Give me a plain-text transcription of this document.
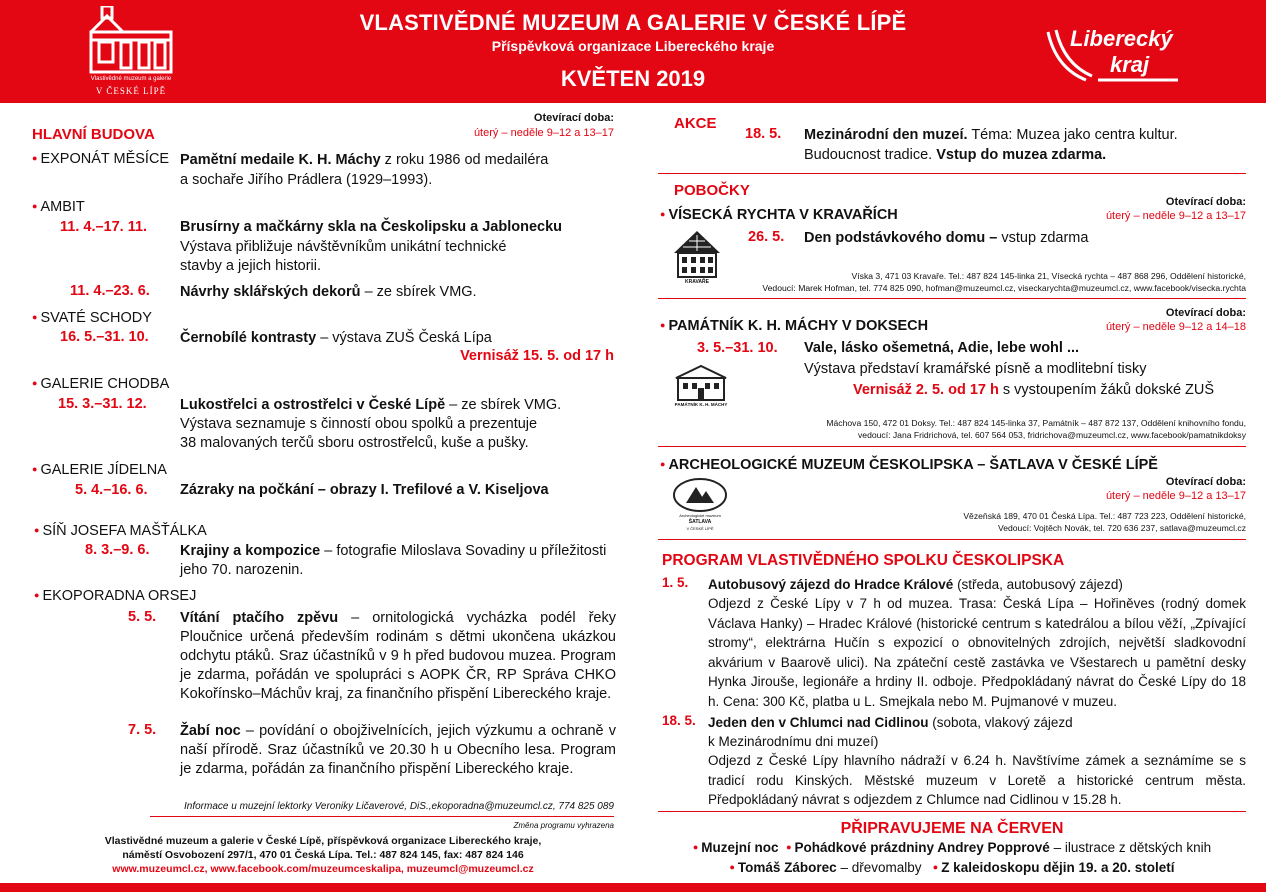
Vlastivědné muzeum a galerie
V ČESKÉ LÍPĚ
VLASTIVĚDNÉ MUZEUM A GALERIE V ČESKÉ LÍPĚ
Příspěvková organizace Libereckého kraje
KVĚTEN 2019
Liberecký
kraj
HLAVNÍ BUDOVA
Otevírací doba:
úterý – neděle 9–12 a 13–17
● EXPONÁT MĚSÍCE Pamětní medaile K. H. Máchy z roku 1986 od medailéra
a sochaře Jiřího Prádlera (1929–1993).
● AMBIT
11. 4.–17. 11. Brusírny a mačkárny skla na Českolipsku a Jablonecku
Výstava přibližuje návštěvníkům unikátní technické
stavby a jejich historii.
11. 4.–23. 6. Návrhy sklářských dekorů – ze sbírek VMG.
● SVATÉ SCHODY
16. 5.–31. 10. Černobílé kontrasty – výstava ZUŠ Česká Lípa
Vernisáž 15. 5. od 17 h
● GALERIE CHODBA
15. 3.–31. 12. Lukostřelci a ostrostřelci v České Lípě – ze sbírek VMG.
Výstava seznamuje s činností obou spolků a prezentuje
38 malovaných terčů sboru ostrostřelců, kuše a pušky.
● GALERIE JÍDELNA
5. 4.–16. 6. Zázraky na počkání – obrazy I. Trefilové a V. Kiseljova
● SÍŇ JOSEFA MAŠŤÁLKA
8. 3.–9. 6. Krajiny a kompozice – fotografie Miloslava Sovadiny u příležitosti
jeho 70. narozenin.
● EKOPORADNA ORSEJ
5. 5. Vítání ptačího zpěvu – ornitologická vycházka podél řeky Ploučnice určená především rodinám s dětmi ukončena ukázkou odchytu ptáků. Sraz účastníků v 9 h před budovou muzea. Program je zdarma, pořádán ve spolupráci s AOPK ČR, RP Správa CHKO Kokořínsko–Máchův kraj, za finančního přispění Libereckého kraje.
7. 5. Žabí noc – povídání o obojživelnících, jejich výzkumu a ochraně v naší přírodě. Sraz účastníků ve 20.30 h u Obecního lesa. Program je zdarma, pořádán za finančního přispění Libereckého kraje.
Informace u muzejní lektorky Veroniky Ličaverové, DiS.,ekoporadna@muzeumcl.cz, 774 825 089
Změna programu vyhrazena
Vlastivědné muzeum a galerie v České Lípě, příspěvková organizace Libereckého kraje,
náměstí Osvobození 297/1, 470 01 Česká Lípa. Tel.: 487 824 145, fax: 487 824 146
www.muzeumcl.cz, www.facebook.com/muzeumceskalipa, muzeumcl@muzeumcl.cz
AKCE
18. 5. Mezinárodní den muzeí. Téma: Muzea jako centra kultur.
Budoucnost tradice. Vstup do muzea zdarma.
POBOČKY
● VÍSECKÁ RYCHTA V KRAVAŘÍCH
Otevírací doba:
úterý – neděle 9–12 a 13–17
KRAVAŘE
26. 5. Den podstávkového domu – vstup zdarma
Víska 3, 471 03 Kravaře. Tel.: 487 824 145-linka 21, Vísecká rychta – 487 868 296, Oddělení historické,
Vedoucí: Marek Hofman, tel. 774 825 090, hofman@muzeumcl.cz, viseckarychta@muzeumcl.cz, www.facebook/visecka.rychta
● PAMÁTNÍK K. H. MÁCHY V DOKSECH
Otevírací doba:
úterý – neděle 9–12 a 14–18
3. 5.–31. 10. Vale, lásko ošemetná, Adie, lebe wohl ...
Výstava představí kramářské písně a modlitební tisky
PAMÁTNÍK K. H. MÁCHY
Vernisáž 2. 5. od 17 h s vystoupením žáků dokské ZUŠ
Máchova 150, 472 01 Doksy. Tel.: 487 824 145-linka 37, Památník – 487 872 137, Oddělení knihovního fondu,
vedoucí: Jana Fridrichová, tel. 607 564 053, fridrichova@muzeumcl.cz, www.facebook/pamatnikdoksy
● ARCHEOLOGICKÉ MUZEUM ČESKOLIPSKA – ŠATLAVA V ČESKÉ LÍPĚ
Otevírací doba:
úterý – neděle 9–12 a 13–17
Archeologické muzeum
ŠATLAVA
V ČESKÉ LÍPĚ
Vězeňská 189, 470 01 Česká Lípa. Tel.: 487 723 223, Oddělení historické,
Vedoucí: Vojtěch Novák, tel. 720 636 237, satlava@muzeumcl.cz
PROGRAM VLASTIVĚDNÉHO SPOLKU ČESKOLIPSKA
1. 5. Autobusový zájezd do Hradce Králové (středa, autobusový zájezd)
Odjezd z České Lípy v 7 h od muzea. Trasa: Česká Lípa – Hořiněves (rodný domek Václava Hanky) – Hradec Králové (historické centrum s katedrálou a bílou věží, „Zpívající stromy“, elektrárna Hučín s expozicí o obnovitelných zdrojích, největší sladkovodní akvárium v Baarově ulici). Na zpáteční cestě zastávka ve Všestarech u pamětní desky Hynka Jirouše, legionáře a hrdiny II. odboje. Předpokládaný návrat do České Lípy do 18 h. Cena: 300 Kč, platba u L. Smejkala nebo M. Pujmanové v muzeu.
18. 5. Jeden den v Chlumci nad Cidlinou (sobota, vlakový zájezd
k Mezinárodnímu dni muzeí)
Odjezd z České Lípy hlavního nádraží v 6.24 h. Navštívíme zámek a seznámíme se s tradicí rodu Kinských. Městské muzeum v Loretě a historické centrum města. Předpokládaný návrat s odjezdem z Chlumce nad Cidlinou v 15.28 h.
PŘIPRAVUJEME NA ČERVEN
● Muzejní noc ● Pohádkové prázdniny Andrey Popprové – ilustrace z dětských knih
● Tomáš Záborec – dřevomalby ● Z kaleidoskopu dějin 19. a 20. století
